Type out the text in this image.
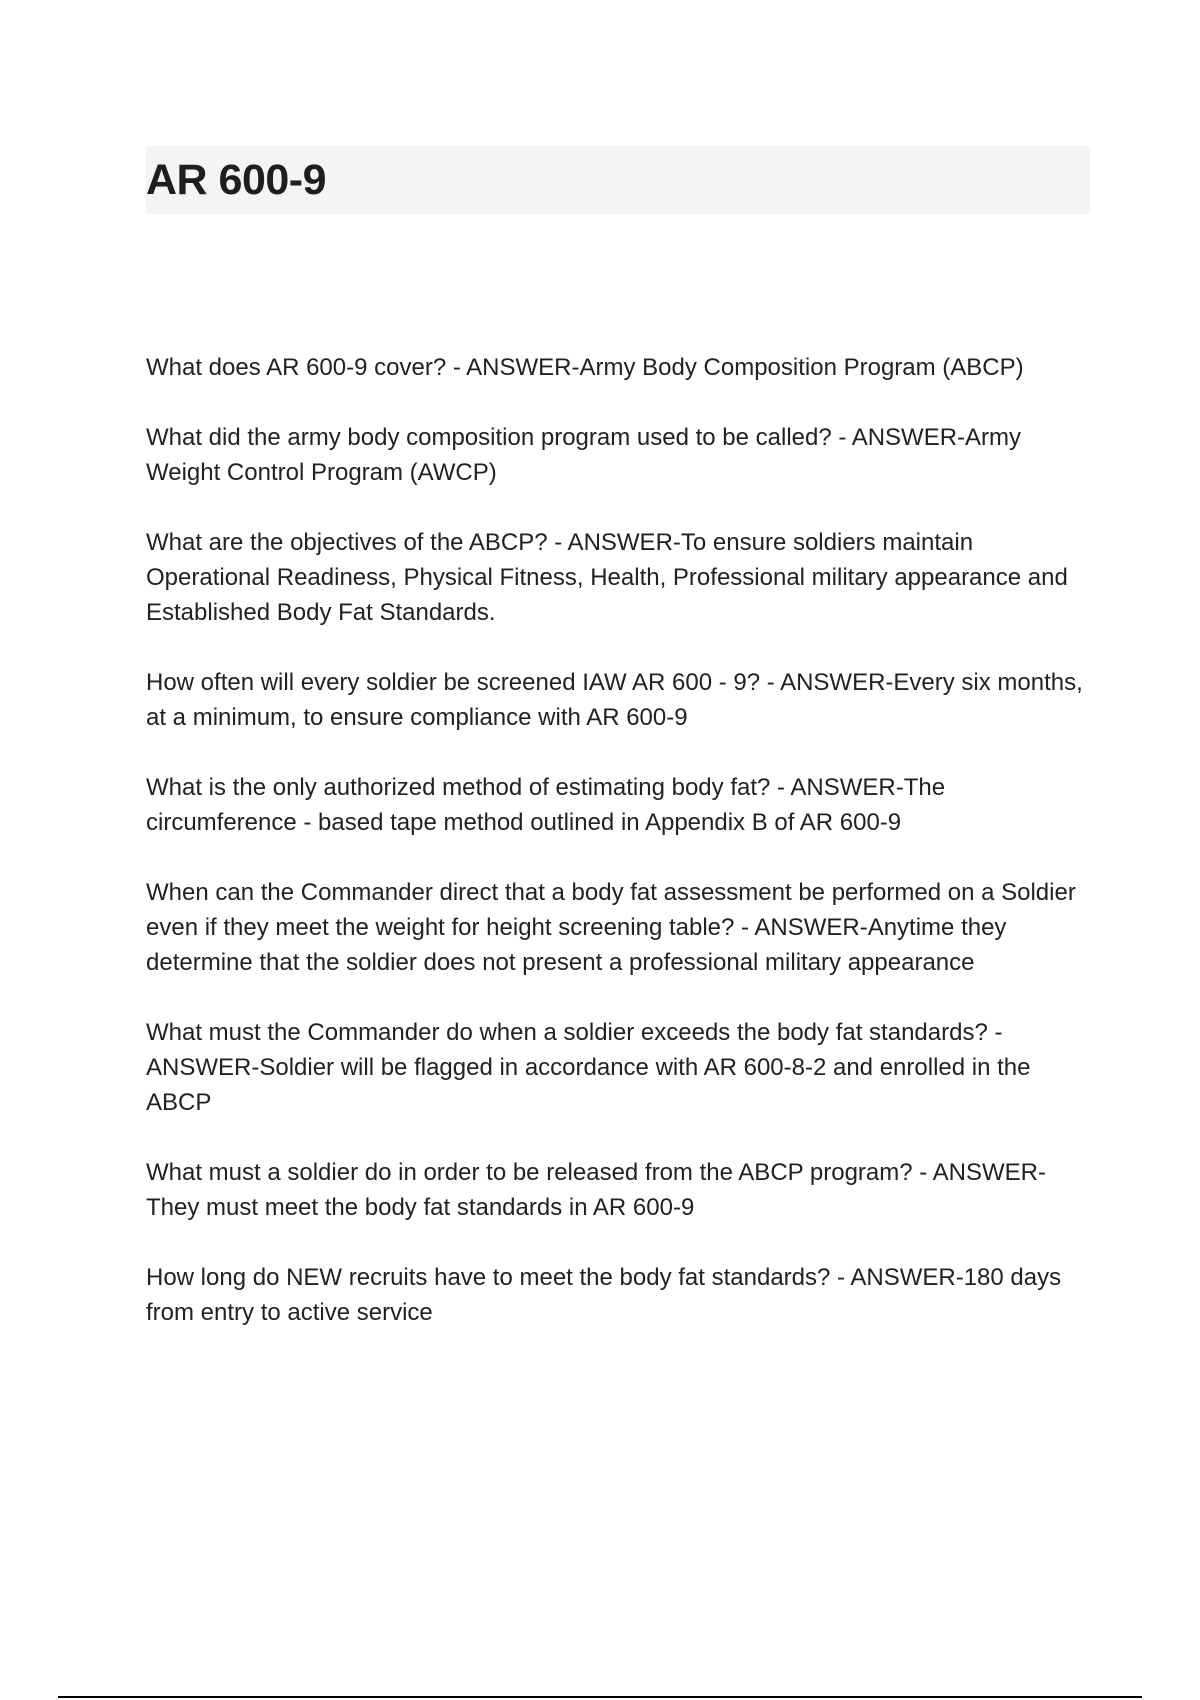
AR 600-9

What does AR 600-9 cover? - ANSWER-Army Body Composition Program (ABCP)

What did the army body composition program used to be called? - ANSWER-Army Weight Control Program (AWCP)

What are the objectives of the ABCP? - ANSWER-To ensure soldiers maintain Operational Readiness, Physical Fitness, Health, Professional military appearance and Established Body Fat Standards.

How often will every soldier be screened IAW AR 600 - 9? - ANSWER-Every six months, at a minimum, to ensure compliance with AR 600-9

What is the only authorized method of estimating body fat? - ANSWER-The circumference - based tape method outlined in Appendix B of AR 600-9

When can the Commander direct that a body fat assessment be performed on a Soldier even if they meet the weight for height screening table? - ANSWER-Anytime they determine that the soldier does not present a professional military appearance

What must the Commander do when a soldier exceeds the body fat standards? - ANSWER-Soldier will be flagged in accordance with AR 600-8-2 and enrolled in the ABCP

What must a soldier do in order to be released from the ABCP program? - ANSWER-They must meet the body fat standards in AR 600-9

How long do NEW recruits have to meet the body fat standards? - ANSWER-180 days from entry to active service
